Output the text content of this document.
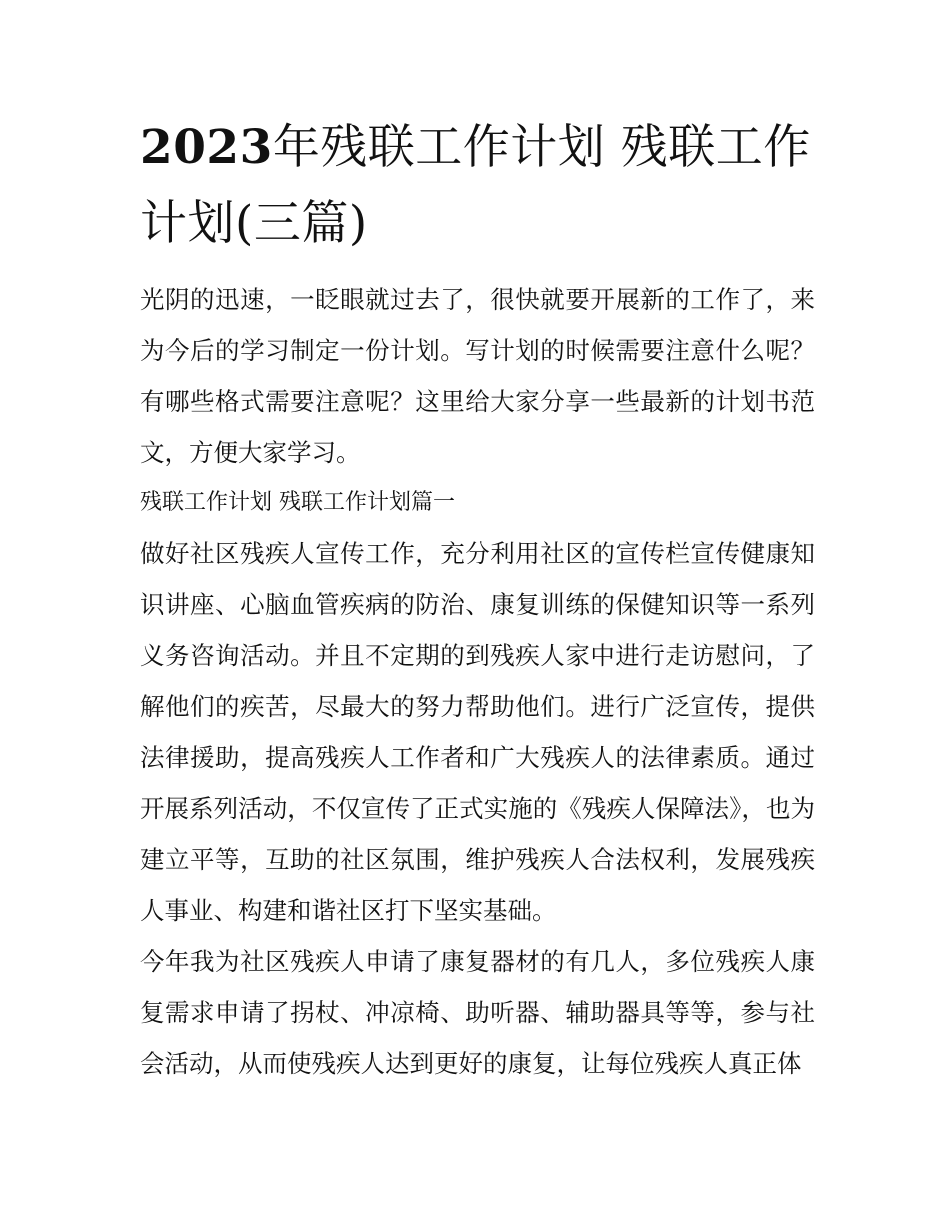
2023年残联工作计划 残联工作计划(三篇)

光阴的迅速，一眨眼就过去了，很快就要开展新的工作了，来为今后的学习制定一份计划。写计划的时候需要注意什么呢？有哪些格式需要注意呢？这里给大家分享一些最新的计划书范文，方便大家学习。

残联工作计划 残联工作计划篇一

做好社区残疾人宣传工作，充分利用社区的宣传栏宣传健康知识讲座、心脑血管疾病的防治、康复训练的保健知识等一系列义务咨询活动。并且不定期的到残疾人家中进行走访慰问，了解他们的疾苦，尽最大的努力帮助他们。进行广泛宣传，提供法律援助，提高残疾人工作者和广大残疾人的法律素质。通过开展系列活动，不仅宣传了正式实施的《残疾人保障法》，也为建立平等，互助的社区氛围，维护残疾人合法权利，发展残疾人事业、构建和谐社区打下坚实基础。

今年我为社区残疾人申请了康复器材的有几人，多位残疾人康复需求申请了拐杖、冲凉椅、助听器、辅助器具等等，参与社会活动，从而使残疾人达到更好的康复，让每位残疾人真正体
